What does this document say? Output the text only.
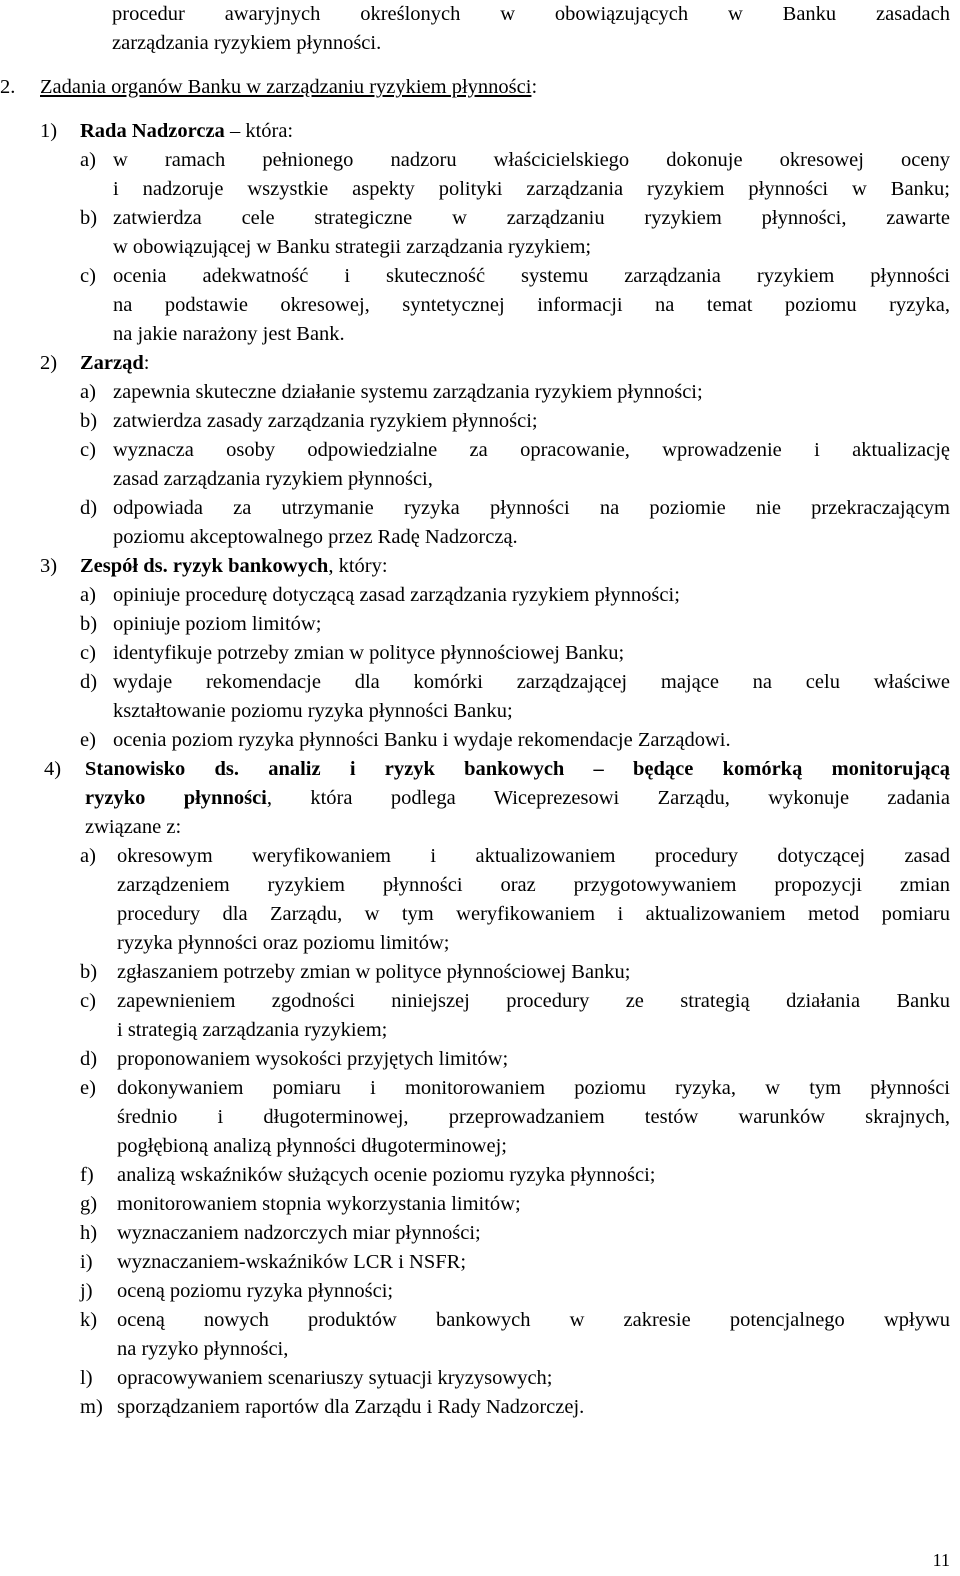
procedur awaryjnych określonych w obowiązujących w Banku zasadach
zarządzania ryzykiem płynności.
2. Zadania organów Banku w zarządzaniu ryzykiem płynności:
1) Rada Nadzorcza – która:
a) w ramach pełnionego nadzoru właścicielskiego dokonuje okresowej oceny
i nadzoruje wszystkie aspekty polityki zarządzania ryzykiem płynności w Banku;
b) zatwierdza cele strategiczne w zarządzaniu ryzykiem płynności, zawarte
w obowiązującej w Banku strategii zarządzania ryzykiem;
c) ocenia adekwatność i skuteczność systemu zarządzania ryzykiem płynności
na podstawie okresowej, syntetycznej informacji na temat poziomu ryzyka,
na jakie narażony jest Bank.
2) Zarząd:
a) zapewnia skuteczne działanie systemu zarządzania ryzykiem płynności;
b) zatwierdza zasady zarządzania ryzykiem płynności;
c) wyznacza osoby odpowiedzialne za opracowanie, wprowadzenie i aktualizację
zasad zarządzania ryzykiem płynności,
d) odpowiada za utrzymanie ryzyka płynności na poziomie nie przekraczającym
poziomu akceptowalnego przez Radę Nadzorczą.
3) Zespół ds. ryzyk bankowych, który:
a) opiniuje procedurę dotyczącą zasad zarządzania ryzykiem płynności;
b) opiniuje poziom limitów;
c) identyfikuje potrzeby zmian w polityce płynnościowej Banku;
d) wydaje rekomendacje dla komórki zarządzającej mające na celu właściwe
kształtowanie poziomu ryzyka płynności Banku;
e) ocenia poziom ryzyka płynności Banku i wydaje rekomendacje Zarządowi.
4) Stanowisko ds. analiz i ryzyk bankowych – będące komórką monitorującą
ryzyko płynności, która podlega Wiceprezesowi Zarządu, wykonuje zadania
związane z:
a) okresowym weryfikowaniem i aktualizowaniem procedury dotyczącej zasad
zarządzeniem ryzykiem płynności oraz przygotowywaniem propozycji zmian
procedury dla Zarządu, w tym weryfikowaniem i aktualizowaniem metod pomiaru
ryzyka płynności oraz poziomu limitów;
b) zgłaszaniem potrzeby zmian w polityce płynnościowej Banku;
c) zapewnieniem zgodności niniejszej procedury ze strategią działania Banku
i strategią zarządzania ryzykiem;
d) proponowaniem wysokości przyjętych limitów;
e) dokonywaniem pomiaru i monitorowaniem poziomu ryzyka, w tym płynności
średnio i długoterminowej, przeprowadzaniem testów warunków skrajnych,
pogłębioną analizą płynności długoterminowej;
f) analizą wskaźników służących ocenie poziomu ryzyka płynności;
g) monitorowaniem stopnia wykorzystania limitów;
h) wyznaczaniem nadzorczych miar płynności;
i) wyznaczaniem-wskaźników LCR i NSFR;
j) oceną poziomu ryzyka płynności;
k) oceną nowych produktów bankowych w zakresie potencjalnego wpływu
na ryzyko płynności,
l) opracowywaniem scenariuszy sytuacji kryzysowych;
m) sporządzaniem raportów dla Zarządu i Rady Nadzorczej.
11
